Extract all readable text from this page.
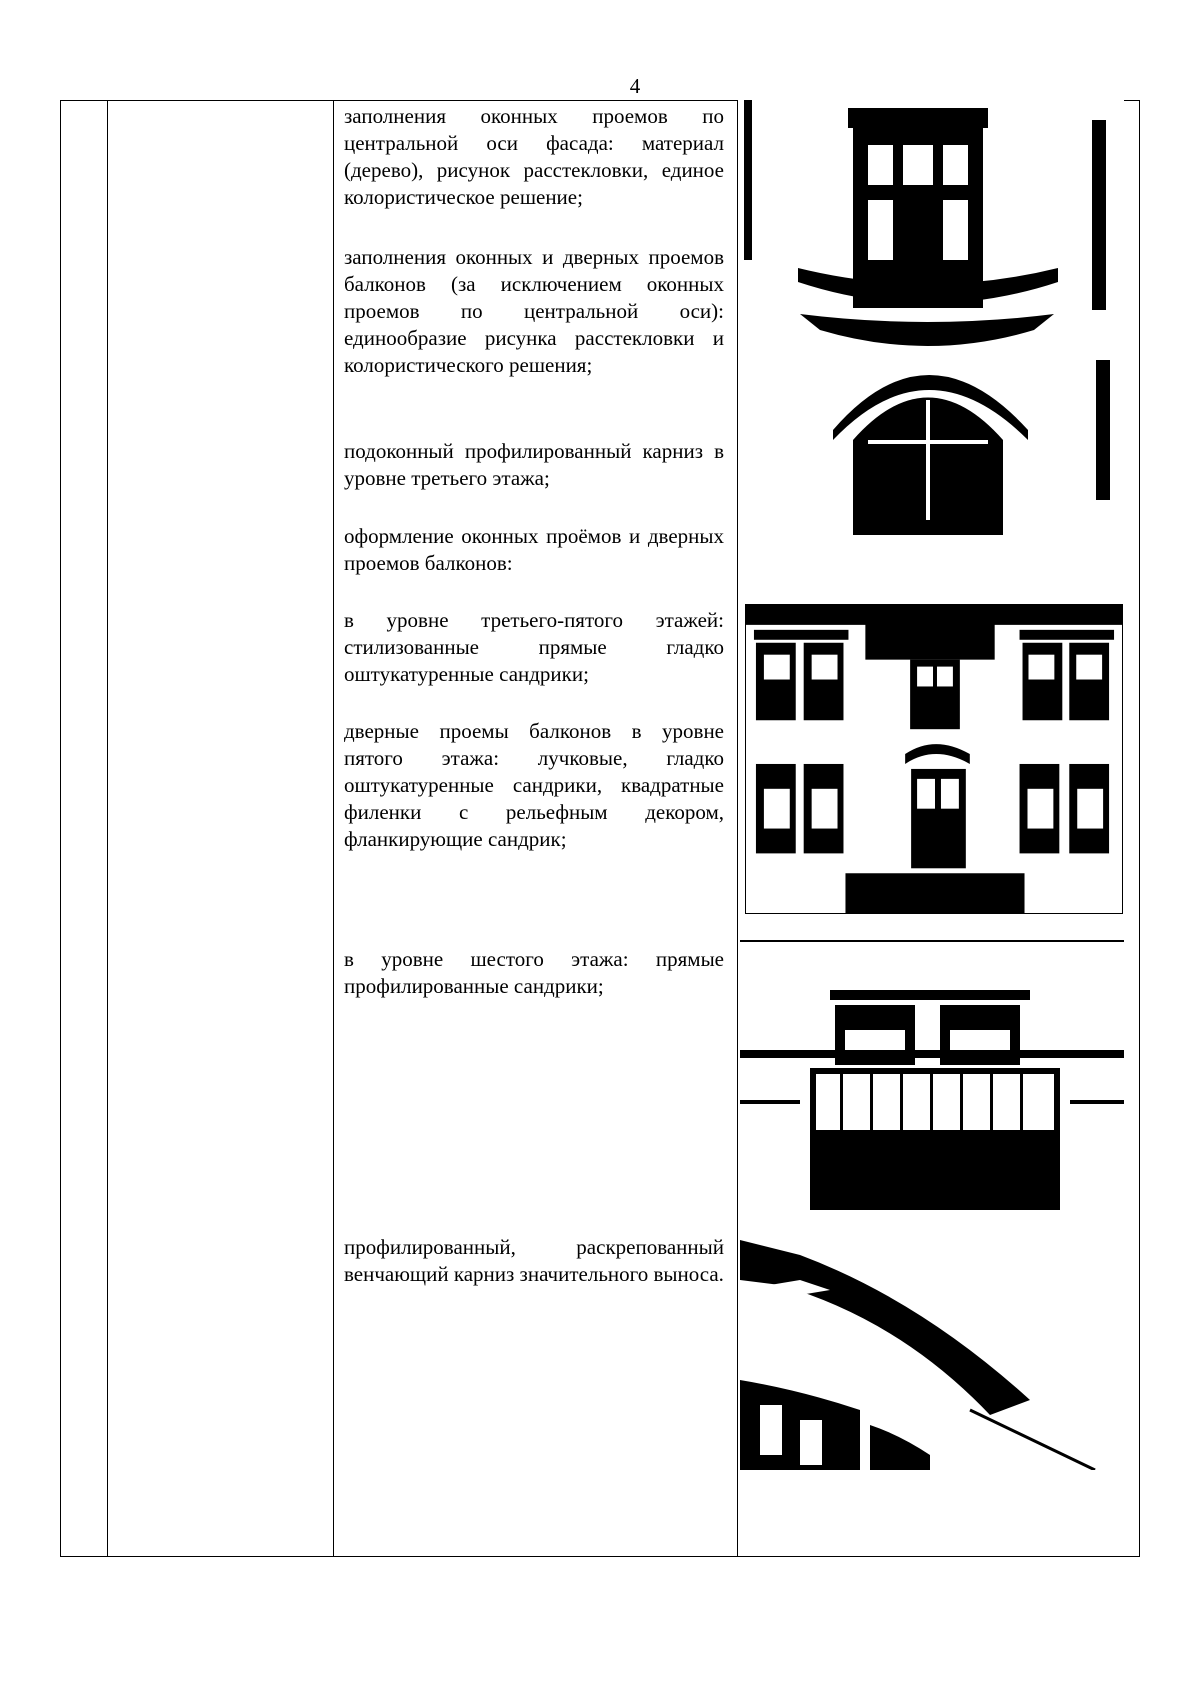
4

заполнения оконных проемов по центральной оси фасада: материал (дерево), рисунок расстекловки, единое колористическое решение;

заполнения оконных и дверных проемов балконов (за исключением оконных проемов по центральной оси): единообразие рисунка расстекловки и колористического решения;

подоконный профилированный карниз в уровне третьего этажа;

оформление оконных проёмов и дверных проемов балконов:

в уровне третьего-пятого этажей: стилизованные прямые гладко оштукатуренные сандрики;

дверные проемы балконов в уровне пятого этажа: лучковые, гладко оштукатуренные сандрики, квадратные филенки с рельефным декором, фланкирующие сандрик;

в уровне шестого этажа: прямые профилированные сандрики;

профилированный, раскрепованный венчающий карниз значительного выноса.
